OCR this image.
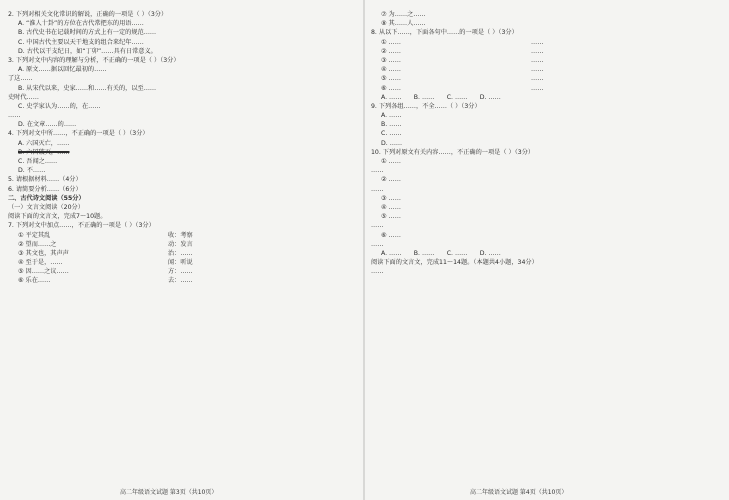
2. 下列对相关文化常识的解说，正确的一项是（ ）（3分）
A. “淮人十卦”的方位在古代常把东的用语……
B. 古代史书在记载时间的方式上有一定的规范……
C. 中国古代主要以天干地支的组合来纪年……
D. 古代以干支纪日，如“丁卯”……具有日常意义。
3. 下列对文中内容的理解与分析，不正确的一项是（ ）（3分）
A. 原文……据以回忆最初的……
了这……
B. 从宋代以来，史家……和……有关的，以至……
史时代……
C. 史学家认为……的，在……
……
D. 在文章……的……
4. 下列对文中所……，不正确的一项是（ ）（3分）
A. 六国灭亡，……
B. 六国破灭，……
C. 吾闻之……
D. 不……
5. 请根据材料……（4分）
6. 请简要分析……（6分）
二、古代诗文阅读（55分）
（一）文言文阅读（20分）
阅读下面的文言文，完成7～10题。
7. 下列对文中加点……，不正确的一项是（ ）（3分）
① 平定其乱	收：考察
② 望而……之	动：发言
③ 其文也，其声声	治：……
④ 至于是，……	闻：听说
⑤ 因……之议……	方：……
⑥ 乐在……	去：……
⑦ 为……之……
⑧ 其……人……
8. 从以下……，下面各句中……的一项是（ ）（3分）
① ……	……
② ……	……
③ ……	……
④ ……	……
⑤ ……	……
⑥ ……	……
A. ……　　B. ……　　C. ……　　D. ……
9. 下列各组……，不全……（ ）（3分）
A. ……
B. ……
C. ……
D. ……
10. 下列对原文有关内容……，不正确的一项是（ ）（3分）
① ……
……
② ……
……
③ ……
④ ……
⑤ ……
……
⑥ ……
……
A. ……　　B. ……　　C. ……　　D. ……
阅读下面的文言文，完成11～14题。（本题共4小题，34分）
……
高二年级语文试题 第3页（共10页）	高二年级语文试题 第4页（共10页）
